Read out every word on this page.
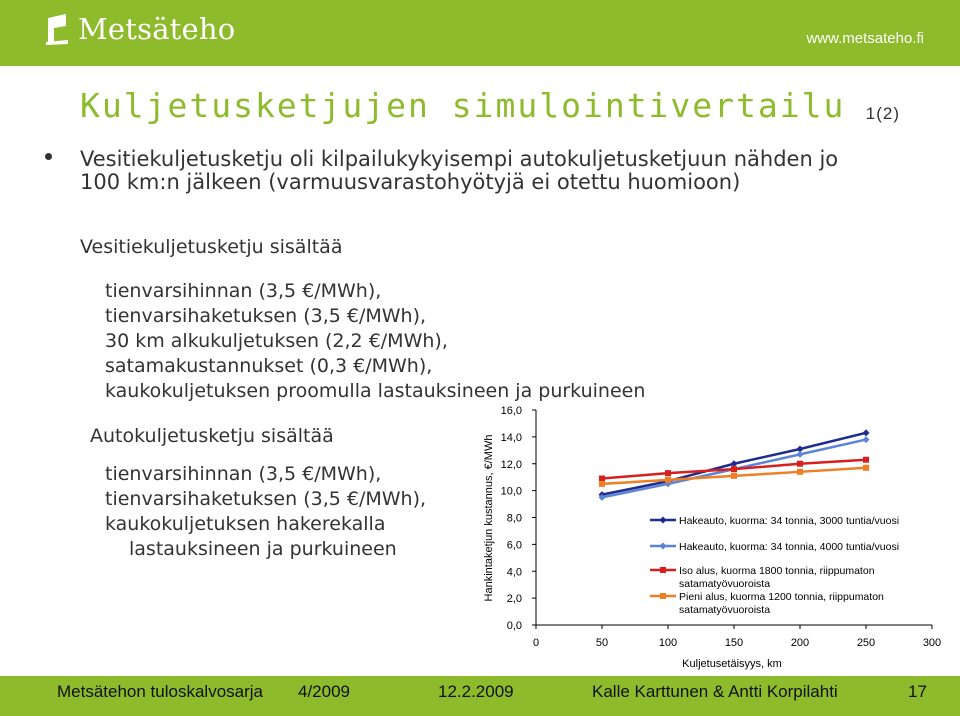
Metsäteho	www.metsateho.fi
Kuljetusketjujen simulointivertailu 1(2)
Vesitiekuljetusketju oli kilpailukykyisempi autokuljetusketjuun nähden jo 100 km:n jälkeen (varmuusvarastohyötyjä ei otettu huomioon)
Vesitiekuljetusketju sisältää
tienvarsihinnan (3,5 €/MWh),
tienvarsihaketuksen (3,5 €/MWh),
30 km alkukuljetuksen (2,2 €/MWh),
satamakustannukset (0,3 €/MWh),
kaukokuljetuksen proomulla lastauksineen ja purkuineen
Autokuljetusketju sisältää
tienvarsihinnan (3,5 €/MWh),
tienvarsihaketuksen (3,5 €/MWh),
kaukokuljetuksen hakerekalla
lastauksineen ja purkuineen
0,0
2,0
4,0
6,0
8,0
10,0
12,0
14,0
16,0
0	50	100	150	200	250	300
Kuljetusetäisyys, km
Hankintaketjun kustannus, €/MWh	Hakeauto, kuorma: 34 tonnia, 3000 tuntia/vuosi
Hakeauto, kuorma: 34 tonnia, 4000 tuntia/vuosi
Iso alus, kuorma 1800 tonnia, riippumaton satamatyövuoroista
Pieni alus, kuorma 1200 tonnia, riippumaton satamatyövuoroista
Metsätehon tuloskalvosarja 4/2009	12.2.2009	Kalle Karttunen & Antti Korpilahti	17
